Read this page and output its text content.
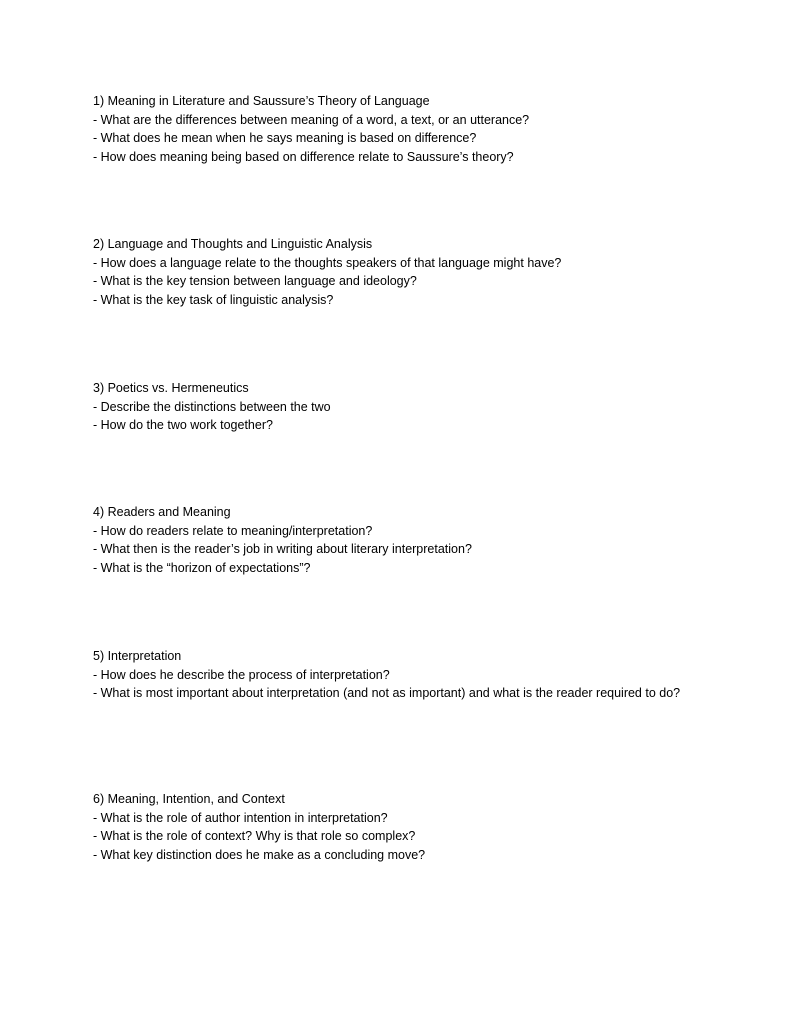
1) Meaning in Literature and Saussure’s Theory of Language

- What are the differences between meaning of a word, a text, or an utterance?

- What does he mean when he says meaning is based on difference?

- How does meaning being based on difference relate to Saussure’s theory?

2) Language and Thoughts and Linguistic Analysis

- How does a language relate to the thoughts speakers of that language might have?

- What is the key tension between language and ideology?

- What is the key task of linguistic analysis?

3) Poetics vs. Hermeneutics

- Describe the distinctions between the two

- How do the two work together?

4) Readers and Meaning

- How do readers relate to meaning/interpretation?

- What then is the reader’s job in writing about literary interpretation?

- What is the “horizon of expectations”?

5) Interpretation

- How does he describe the process of interpretation?

- What is most important about interpretation (and not as important) and what is the reader required to do?

6) Meaning, Intention, and Context

- What is the role of author intention in interpretation?

- What is the role of context? Why is that role so complex?

- What key distinction does he make as a concluding move?
